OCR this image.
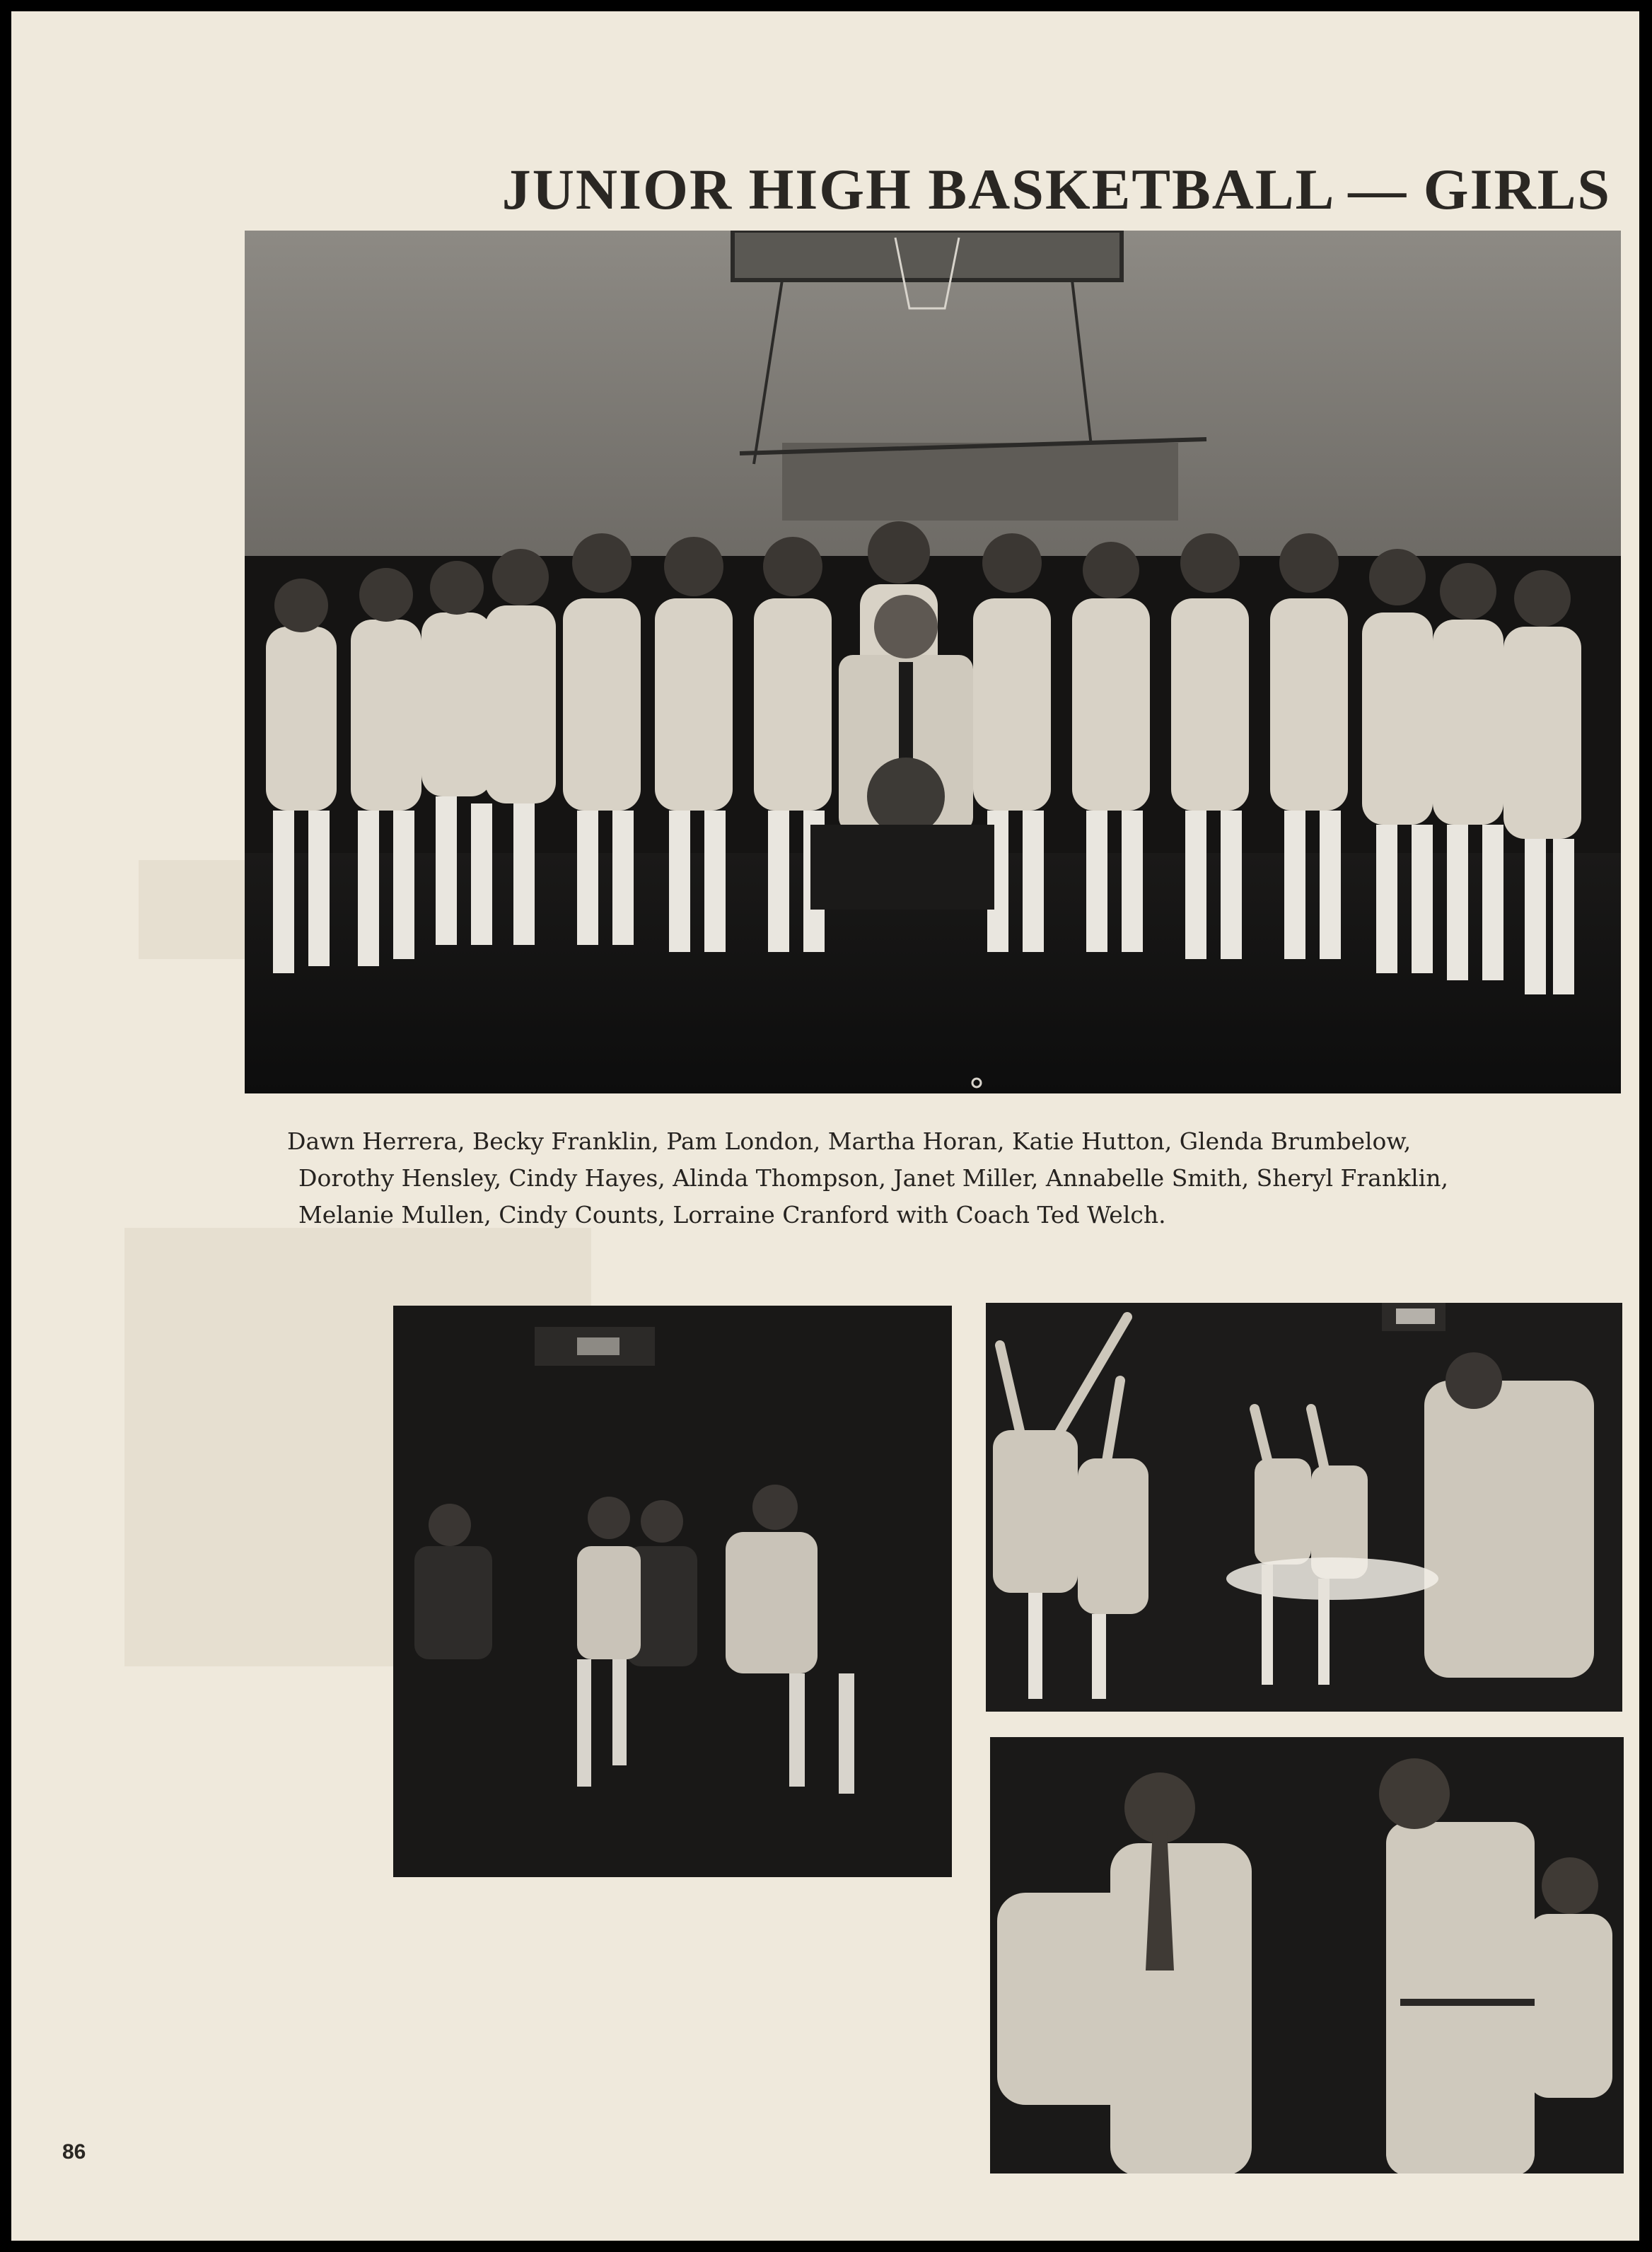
JUNIOR HIGH BASKETBALL — GIRLS
Dawn Herrera, Becky Franklin, Pam London, Martha Horan, Katie Hutton, Glenda Brumbelow,
Dorothy Hensley, Cindy Hayes, Alinda Thompson, Janet Miller, Annabelle Smith, Sheryl Franklin,
Melanie Mullen, Cindy Counts, Lorraine Cranford with Coach Ted Welch.
86
